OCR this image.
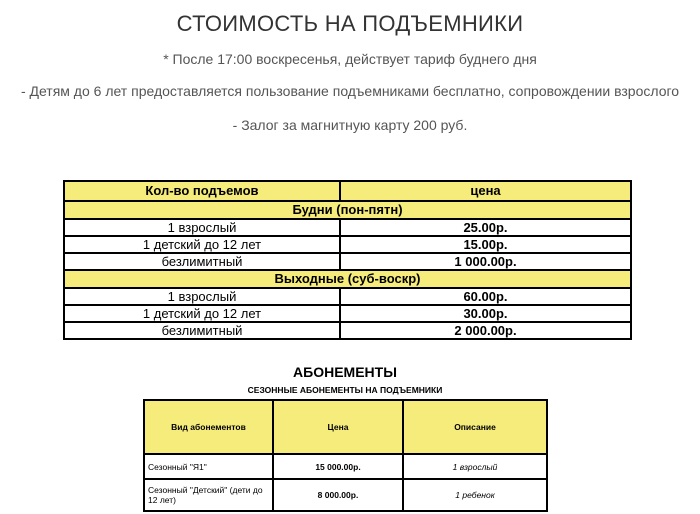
СТОИМОСТЬ НА ПОДЪЕМНИКИ
* После 17:00 воскресенья, действует тариф буднего дня
- Детям до 6 лет предоставляется пользование подъемниками бесплатно, сопровождении взрослого
- Залог за магнитную карту 200 руб.
Кол-во подъемов	цена
Будни (пон-пятн)	
1 взрослый	25.00р.
1 детский до 12 лет	15.00р.
безлимитный	1 000.00р.
Выходные (суб-воскр)	
1 взрослый	60.00р.
1 детский до 12 лет	30.00р.
безлимитный	2 000.00р.
АБОНЕМЕНТЫ
СЕЗОННЫЕ АБОНЕМЕНТЫ НА ПОДЪЕМНИКИ
Вид абонементов	Цена	Описание
Сезонный "Я1"	15 000.00р.	1 взрослый
Сезонный "Детский" (дети до 12 лет)	8 000.00р.	1 ребенок
